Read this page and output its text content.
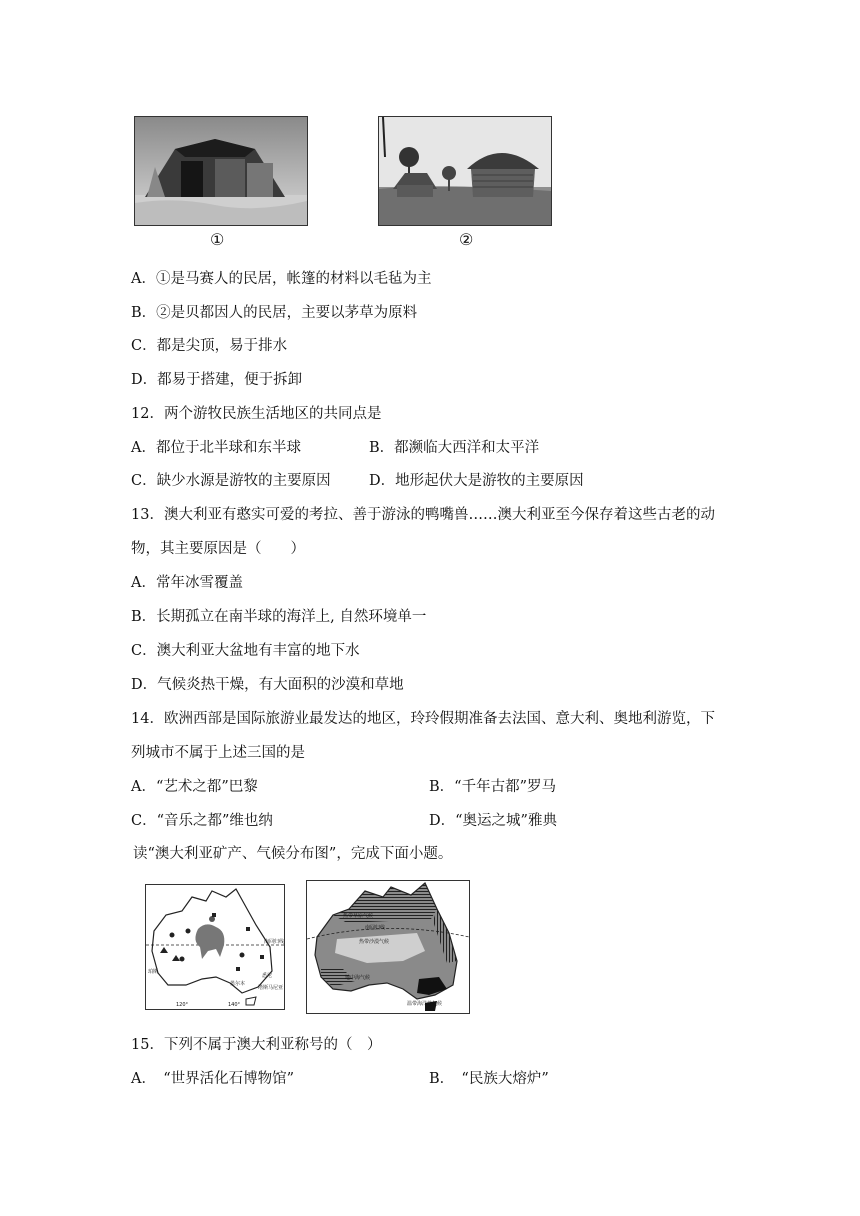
①	②
A．①是马赛人的民居，帐篷的材料以毛毡为主
B．②是贝都因人的民居，主要以茅草为原料
C．都是尖顶，易于排水
D．都易于搭建，便于拆卸
12．两个游牧民族生活地区的共同点是
A．都位于北半球和东半球	B．都濒临大西洋和太平洋
C．缺少水源是游牧的主要原因	D．地形起伏大是游牧的主要原因
13．澳大利亚有憨实可爱的考拉、善于游泳的鸭嘴兽……澳大利亚至今保存着这些古老的动
物，其主要原因是（　　）
A．常年冰雪覆盖
B．长期孤立在南半球的海洋上, 自然环境单一
C．澳大利亚大盆地有丰富的地下水
D．气候炎热干燥，有大面积的沙漠和草地
14．欧洲西部是国际旅游业最发达的地区，玲玲假期准备去法国、意大利、奥地利游览，下
列城市不属于上述三国的是
A．“艺术之都”巴黎	B．“千年古都”罗马
C．“音乐之都”维也纳	D．“奥运之城”雅典
读“澳大利亚矿产、气候分布图”，完成下面小题。
南回归线
珀斯
墨尔本
悉尼
塔斯马尼亚
120°	140°
热带草原气候
南回归线
热带沙漠气候
地中海气候
温带海洋性气候
15．下列不属于澳大利亚称号的（　）
A．　“世界活化石博物馆”	B．　“民族大熔炉”
